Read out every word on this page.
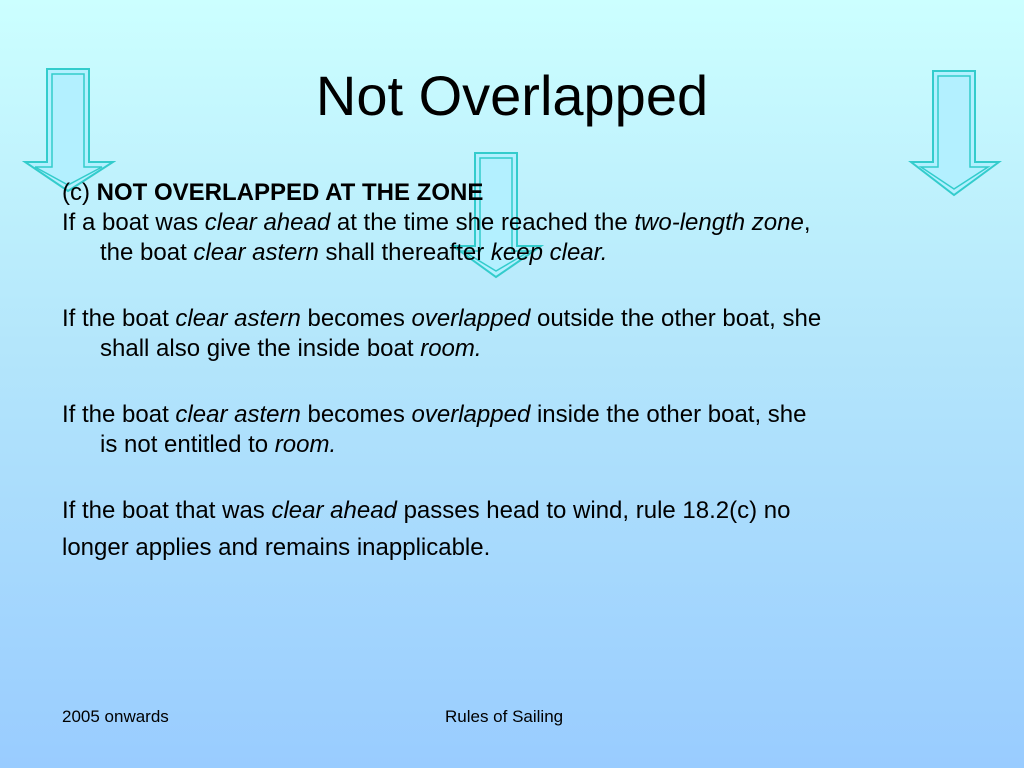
Not Overlapped
(c) NOT OVERLAPPED AT THE ZONE
If a boat was clear ahead at the time she reached the two-length zone,
the boat clear astern shall thereafter keep clear.
If the boat clear astern becomes overlapped outside the other boat, she
shall also give the inside boat room.
If the boat clear astern becomes overlapped inside the other boat, she
is not entitled to room.
If the boat that was clear ahead passes head to wind, rule 18.2(c) no
longer applies and remains inapplicable.
2005 onwards	Rules of Sailing
